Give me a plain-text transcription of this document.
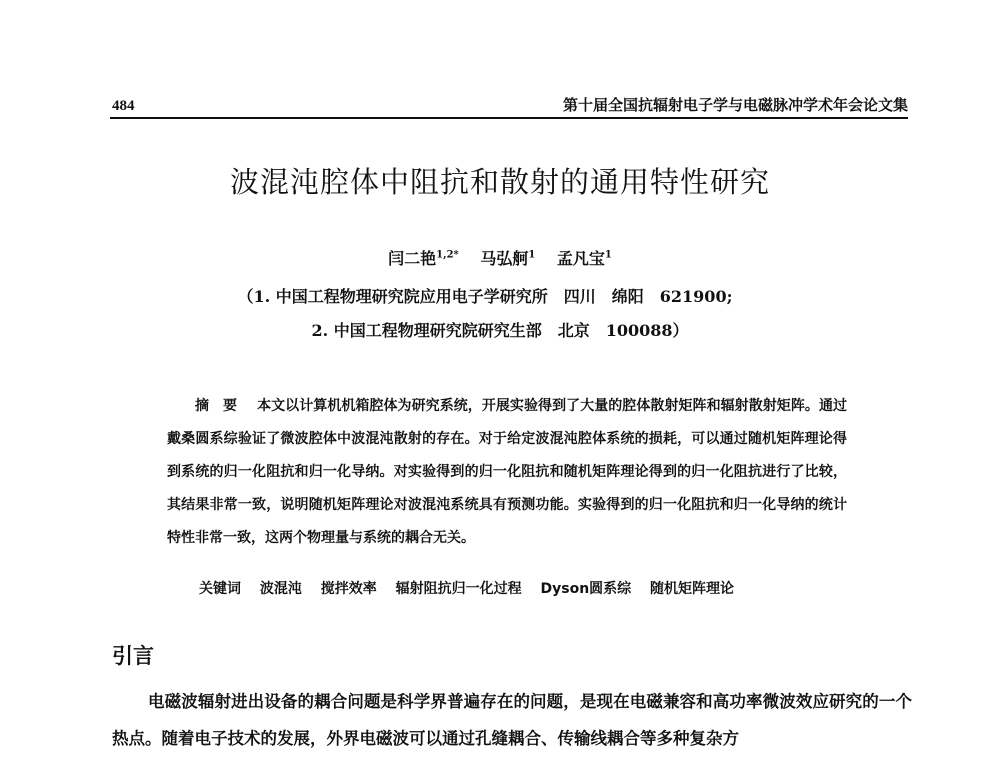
484	第十届全国抗辐射电子学与电磁脉冲学术年会论文集
波混沌腔体中阻抗和散射的通用特性研究
闫二艳$^{1,2*}$ 马弘舸$^1$ 孟凡宝$^1$
（1. 中国工程物理研究院应用电子学研究所　四川　绵阳　621900;
2. 中国工程物理研究院研究生部　北京　100088）
摘要 本文以计算机机箱腔体为研究系统，开展实验得到了大量的腔体散射矩阵和辐射散射矩阵。通过戴桑圆系综验证了微波腔体中波混沌散射的存在。对于给定波混沌腔体系统的损耗，可以通过随机矩阵理论得到系统的归一化阻抗和归一化导纳。对实验得到的归一化阻抗和随机矩阵理论得到的归一化阻抗进行了比较，其结果非常一致，说明随机矩阵理论对波混沌系统具有预测功能。实验得到的归一化阻抗和归一化导纳的统计特性非常一致，这两个物理量与系统的耦合无关。
关键词 波混沌 搅拌效率 辐射阻抗归一化过程 Dyson圆系综 随机矩阵理论
引言

电磁波辐射进出设备的耦合问题是科学界普遍存在的问题，是现在电磁兼容和高功率微波效应研究的一个热点。随着电子技术的发展，外界电磁波可以通过孔缝耦合、传输线耦合等多种复杂方
